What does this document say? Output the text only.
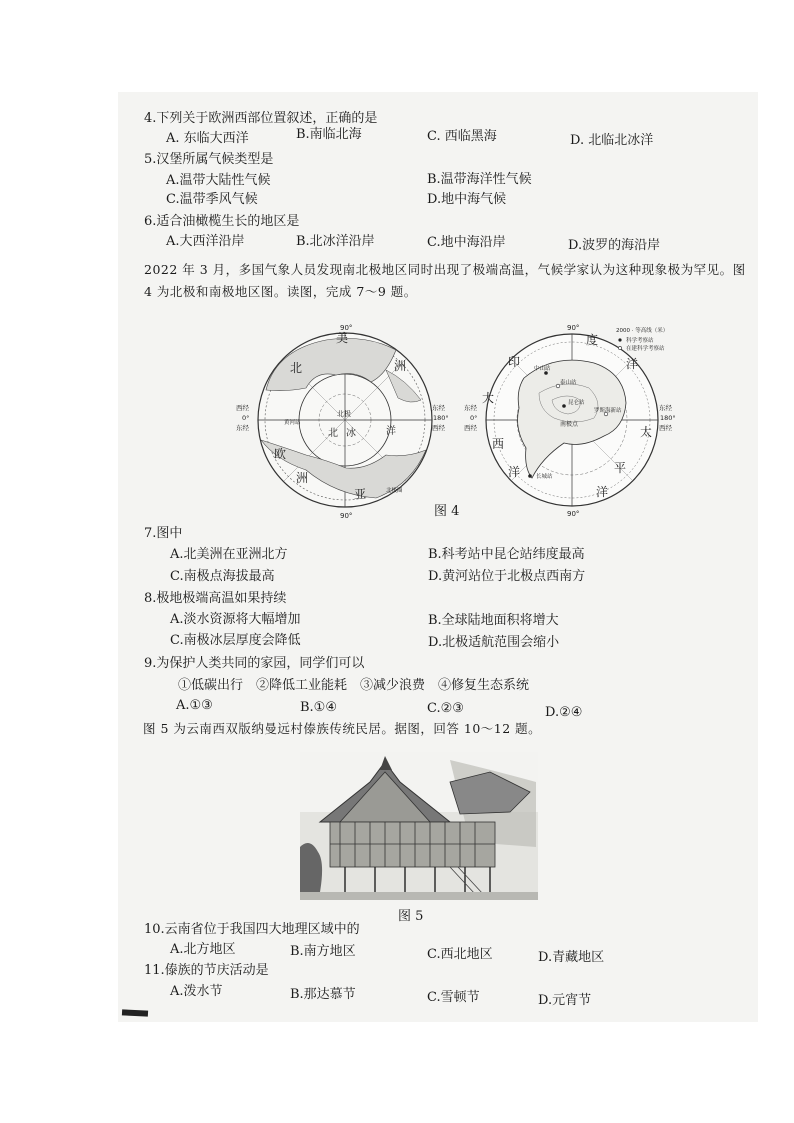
4.下列关于欧洲西部位置叙述，正确的是
A. 东临大西洋	B.南临北海	C. 西临黑海	D. 北临北冰洋
5.汉堡所属气候类型是
A.温带大陆性气候	B.温带海洋性气候
C.温带季风气候	D.地中海气候
6.适合油橄榄生长的地区是
A.大西洋沿岸	B.北冰洋沿岸	C.地中海沿岸	D.波罗的海沿岸
2022 年 3 月，多国气象人员发现南北极地区同时出现了极端高温，气候学家认为这种现象极为罕见。图
4 为北极和南极地区图。读图，完成 7～9 题。
90°
90°
西经
0°
东经
东经
180°
西经
北极
美
北	洲
北 冰	洋
欧
洲
亚
黄河站
北极圈
90°
90°
东经
0°
西经
东经
180°
西经
南极点
度
印	洋
大
西
洋
太
平
洋
中山站
泰山站
昆仑站
罗斯海新站
长城站
2000 · 等高线（米）
科学考察站
在建科学考察站
图 4
7.图中
A.北美洲在亚洲北方	B.科考站中昆仑站纬度最高
C.南极点海拔最高	D.黄河站位于北极点西南方
8.极地极端高温如果持续
A.淡水资源将大幅增加	B.全球陆地面积将增大
C.南极冰层厚度会降低	D.北极适航范围会缩小
9.为保护人类共同的家园，同学们可以
①低碳出行　②降低工业能耗　③减少浪费　④修复生态系统
A.①③	B.①④	C.②③	D.②④
图 5 为云南西双版纳曼远村傣族传统民居。据图，回答 10～12 题。
图 5
10.云南省位于我国四大地理区域中的
A.北方地区	B.南方地区	C.西北地区	D.青藏地区
11.傣族的节庆活动是
A.泼水节	B.那达慕节	C.雪顿节	D.元宵节
